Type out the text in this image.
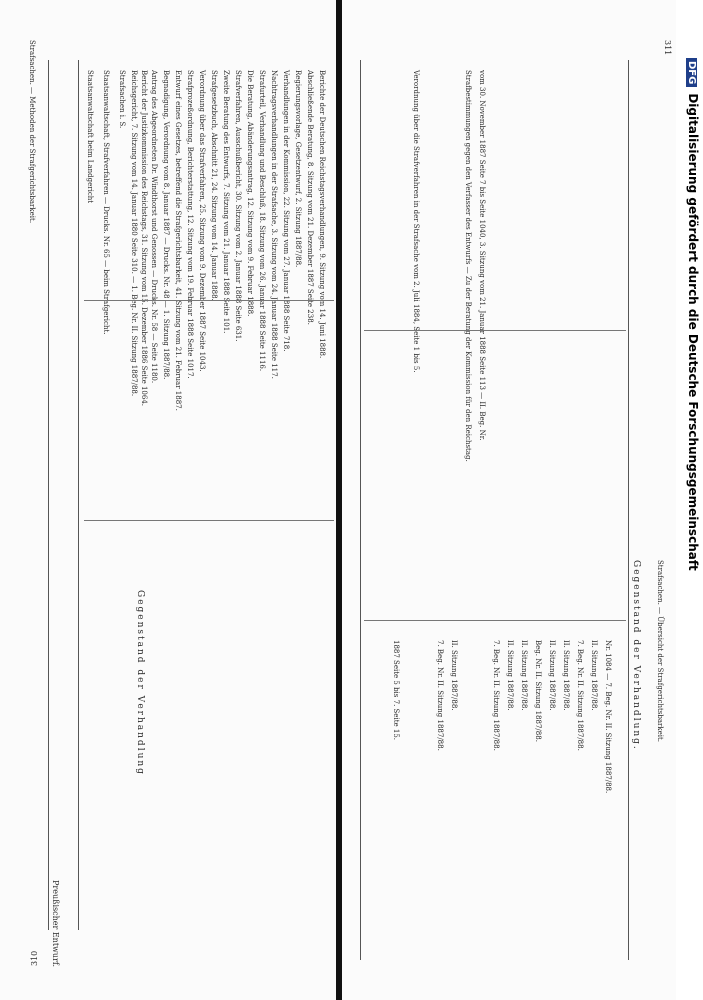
310
Strafsachen. — Methoden der Strafgerichtsbarkeit.
Gegenstand der Verhandlung
Preußischer Entwurf.
Staatsanwaltschaft beim Landgericht Staatsanwaltschaft, Strafverfahren — Drucks. Nr. 65 — beim Strafgericht. Strafsachen i. S. Reichsgericht, 7. Sitzung vom 14. Januar 1880 Seite 310. — 1. Beg. Nr. II. Sitzung 1887/88. Bericht der Justizkommission des Reichstags, 31. Sitzung vom 15. Dezember 1886 Seite 1064. Antrag des Abgeordneten Dr. Windthorst und Genossen — Drucks. Nr. 58 — Seite 1180. Begnadigung, Verordnung vom 8. Januar 1887 — Drucks. Nr. 48 — 1. Sitzung 1887/88. Entwurf eines Gesetzes, betreffend die Strafgerichtsbarkeit, 41. Sitzung vom 21. Februar 1887. Strafprozeßordnung, Berichterstattung, 12. Sitzung vom 19. Februar 1888 Seite 1017. Verordnung über das Strafverfahren, 25. Sitzung vom 9. Dezember 1887 Seite 1043. Strafgesetzbuch, Abschnitt 21, 24. Sitzung vom 14. Januar 1888. Zweite Beratung des Entwurfs, 7. Sitzung vom 21. Januar 1888 Seite 101. Strafverfahren, Ausschußbericht, 30. Sitzung vom 2. Januar 1888 Seite 631. Die Beratung, Abänderungsantrag, 12. Sitzung vom 9. Februar 1888. Strafurteil, Verhandlung und Beschluß, 18. Sitzung vom 26. Januar 1888 Seite 1116. Nachtragsverhandlungen in der Strafsache, 3. Sitzung vom 24. Januar 1888 Seite 117. Verhandlungen in der Kommission, 22. Sitzung vom 27. Januar 1888 Seite 718. Regierungsvorlage, Gesetzentwurf, 2. Sitzung 1887/88. Abschließende Beratung, 8. Sitzung vom 21. Dezember 1887 Seite 238. Berichte der Deutschen Reichstagsverhandlungen, 9. Sitzung vom 14. Juni 1888.
311
Strafsachen. — Übersicht der Strafgerichtsbarkeit.
Gegenstand der Verhandlung.
Nr. 1084 — 7. Beg. Nr. II. Sitzung 1887/88.
II. Sitzung 1887/88.
7. Beg. Nr. II. Sitzung 1887/88.
II. Sitzung 1887/88.
II. Sitzung 1887/88.
Beg. Nr. II. Sitzung 1887/88.
II. Sitzung 1887/88.
II. Sitzung 1887/88.
7. Beg. Nr. II. Sitzung 1887/88.
vom 30. November 1887 Seite 7 bis Seite 1040, 3. Sitzung vom 21. Januar 1888 Seite 113 — II. Beg. Nr.
Strafbestimmungen gegen den Verfasser des Entwurfs — Zu der Beratung der Kommission für den Reichstag.
II. Sitzung 1887/88.
7. Beg. Nr. II. Sitzung 1887/88.
Verordnung über die Strafverfahren in der Strafsache vom 2. Juli 1884, Seite 1 bis 5.
1887 Seite 5 bis 7. Seite 15.
DFGDigitalisierung gefördert durch die Deutsche Forschungsgemeinschaft
